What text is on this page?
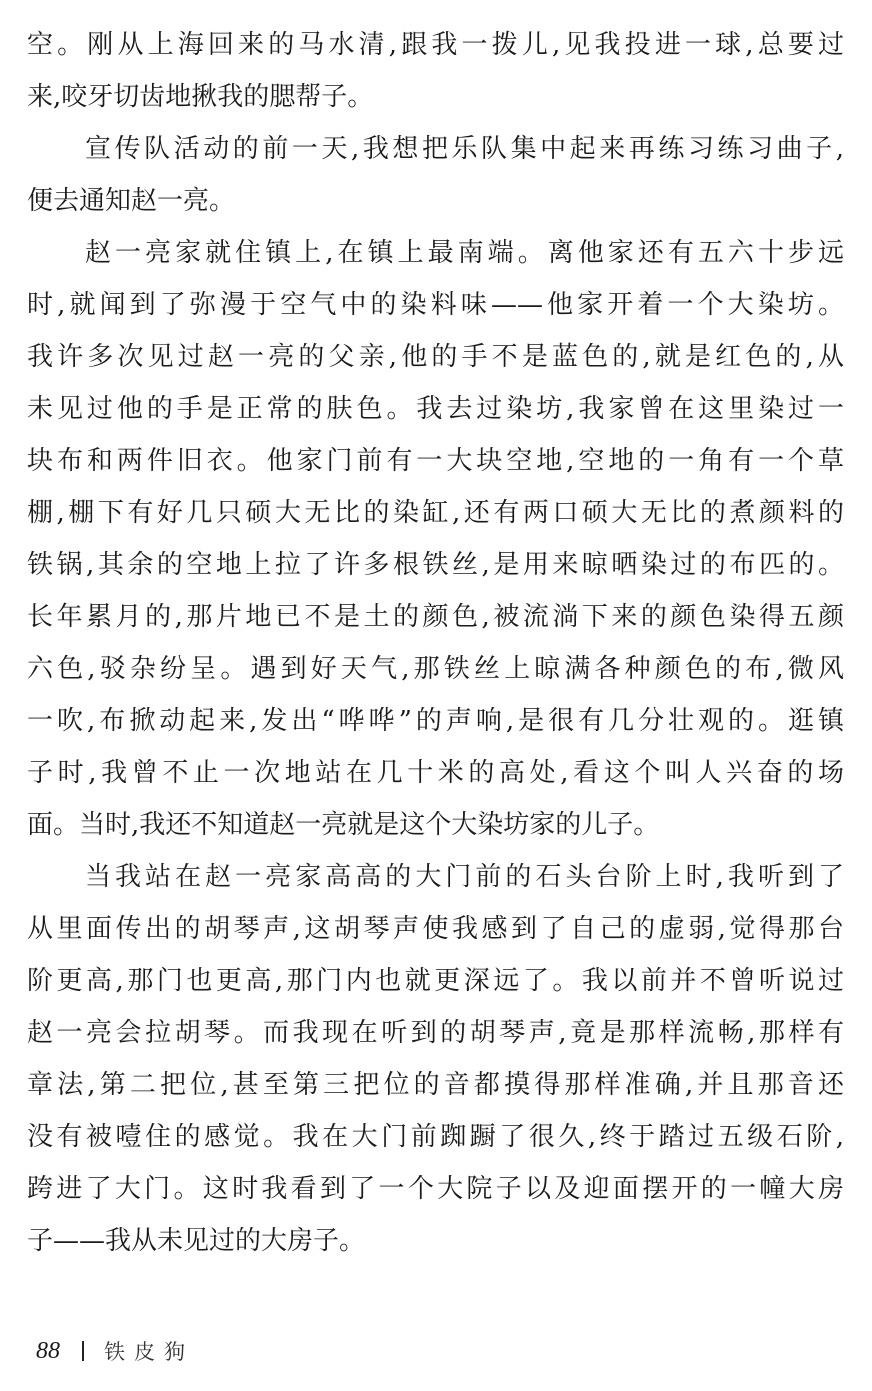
空。刚从上海回来的马水清,跟我一拨儿,见我投进一球,总要过
来,咬牙切齿地揪我的腮帮子。
宣传队活动的前一天,我想把乐队集中起来再练习练习曲子,
便去通知赵一亮。
赵一亮家就住镇上,在镇上最南端。离他家还有五六十步远
时,就闻到了弥漫于空气中的染料味——他家开着一个大染坊。
我许多次见过赵一亮的父亲,他的手不是蓝色的,就是红色的,从
未见过他的手是正常的肤色。我去过染坊,我家曾在这里染过一
块布和两件旧衣。他家门前有一大块空地,空地的一角有一个草
棚,棚下有好几只硕大无比的染缸,还有两口硕大无比的煮颜料的
铁锅,其余的空地上拉了许多根铁丝,是用来晾晒染过的布匹的。
长年累月的,那片地已不是土的颜色,被流淌下来的颜色染得五颜
六色,驳杂纷呈。遇到好天气,那铁丝上晾满各种颜色的布,微风
一吹,布掀动起来,发出“哗哗”的声响,是很有几分壮观的。逛镇
子时,我曾不止一次地站在几十米的高处,看这个叫人兴奋的场
面。当时,我还不知道赵一亮就是这个大染坊家的儿子。
当我站在赵一亮家高高的大门前的石头台阶上时,我听到了
从里面传出的胡琴声,这胡琴声使我感到了自己的虚弱,觉得那台
阶更高,那门也更高,那门内也就更深远了。我以前并不曾听说过
赵一亮会拉胡琴。而我现在听到的胡琴声,竟是那样流畅,那样有
章法,第二把位,甚至第三把位的音都摸得那样准确,并且那音还
没有被噎住的感觉。我在大门前踟蹰了很久,终于踏过五级石阶,
跨进了大门。这时我看到了一个大院子以及迎面摆开的一幢大房
子——我从未见过的大房子。
88 铁皮狗
